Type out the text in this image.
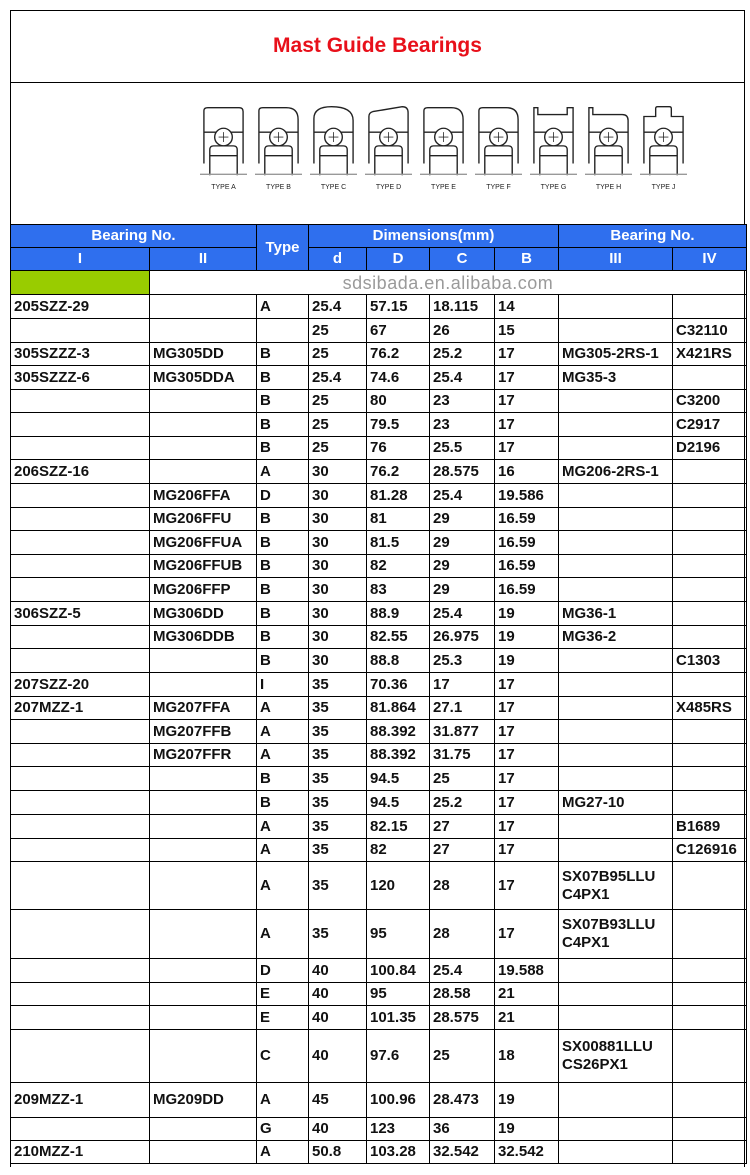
Mast Guide Bearings
TYPE A	TYPE B	TYPE C	TYPE D	TYPE E	TYPE F	TYPE G	TYPE H	TYPE J
Bearing No.		Type	Dimensions(mm)				Bearing No.	
I	II		d	D	C	B	III	IV
	sdsibada.en.alibaba.com							
205SZZ-29		A	25.4	57.15	18.115	14		
			25	67	26	15		C32110
305SZZZ-3	MG305DD	B	25	76.2	25.2	17	MG305-2RS-1	X421RS
305SZZZ-6	MG305DDA	B	25.4	74.6	25.4	17	MG35-3	
		B	25	80	23	17		C3200
		B	25	79.5	23	17		C2917
		B	25	76	25.5	17		D2196
206SZZ-16		A	30	76.2	28.575	16	MG206-2RS-1	
	MG206FFA	D	30	81.28	25.4	19.586		
	MG206FFU	B	30	81	29	16.59		
	MG206FFUA	B	30	81.5	29	16.59		
	MG206FFUB	B	30	82	29	16.59		
	MG206FFP	B	30	83	29	16.59		
306SZZ-5	MG306DD	B	30	88.9	25.4	19	MG36-1	
	MG306DDB	B	30	82.55	26.975	19	MG36-2	
		B	30	88.8	25.3	19		C1303
207SZZ-20		I	35	70.36	17	17		
207MZZ-1	MG207FFA	A	35	81.864	27.1	17		X485RS
	MG207FFB	A	35	88.392	31.877	17		
	MG207FFR	A	35	88.392	31.75	17		
		B	35	94.5	25	17		
		B	35	94.5	25.2	17	MG27-10	
		A	35	82.15	27	17		B1689
		A	35	82	27	17		C126916
		A	35	120	28	17	SX07B95LLU
C4PX1	
		A	35	95	28	17	SX07B93LLU
C4PX1	
		D	40	100.84	25.4	19.588		
		E	40	95	28.58	21		
		E	40	101.35	28.575	21		
		C	40	97.6	25	18	SX00881LLU
CS26PX1	
209MZZ-1	MG209DD	A	45	100.96	28.473	19		
		G	40	123	36	19		
210MZZ-1		A	50.8	103.28	32.542	32.542		
